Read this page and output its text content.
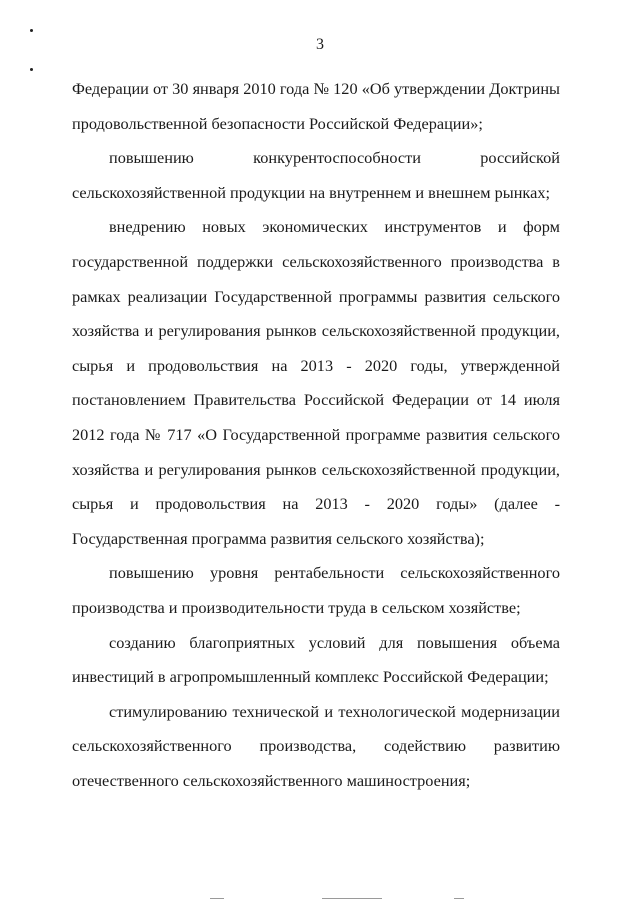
3

Федерации от 30 января 2010 года № 120 «Об утверждении Доктрины продовольственной безопасности Российской Федерации»;

повышению конкурентоспособности российской сельскохозяйственной продукции на внутреннем и внешнем рынках;

внедрению новых экономических инструментов и форм государственной поддержки сельскохозяйственного производства в рамках реализации Государственной программы развития сельского хозяйства и регулирования рынков сельскохозяйственной продукции, сырья и продовольствия на 2013 - 2020 годы, утвержденной постановлением Правительства Российской Федерации от 14 июля 2012 года № 717 «О Государственной программе развития сельского хозяйства и регулирования рынков сельскохозяйственной продукции, сырья и продовольствия на 2013 - 2020 годы» (далее - Государственная программа развития сельского хозяйства);

повышению уровня рентабельности сельскохозяйственного производства и производительности труда в сельском хозяйстве;

созданию благоприятных условий для повышения объема инвестиций в агропромышленный комплекс Российской Федерации;

стимулированию технической и технологической модернизации сельскохозяйственного производства, содействию развитию отечественного сельскохозяйственного машиностроения;
